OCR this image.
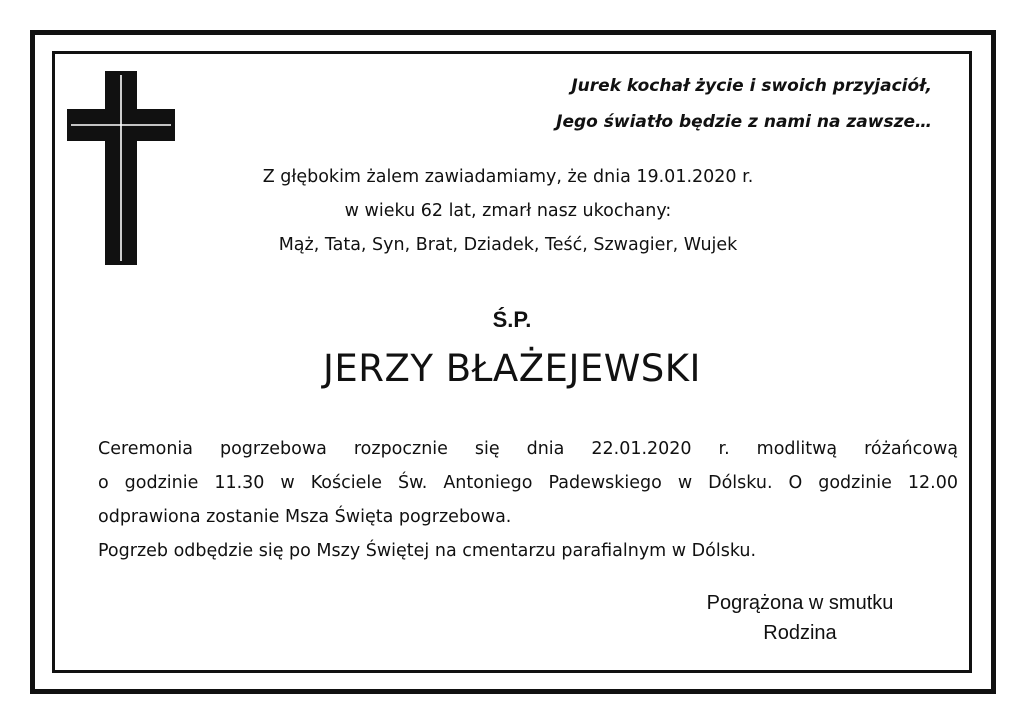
Jurek kochał życie i swoich przyjaciół,
Jego światło będzie z nami na zawsze…
Z głębokim żalem zawiadamiamy, że dnia 19.01.2020 r.
w wieku 62 lat, zmarł nasz ukochany:
Mąż, Tata, Syn, Brat, Dziadek, Teść, Szwagier, Wujek
Ś.P.
JERZY BŁAŻEJEWSKI
Ceremonia pogrzebowa rozpocznie się dnia 22.01.2020 r. modlitwą różańcową
o godzinie 11.30 w Kościele Św. Antoniego Padewskiego w Dólsku. O godzinie 12.00
odprawiona zostanie Msza Święta pogrzebowa.
Pogrzeb odbędzie się po Mszy Świętej na cmentarzu parafialnym w Dólsku.
Pogrążona w smutku
Rodzina
